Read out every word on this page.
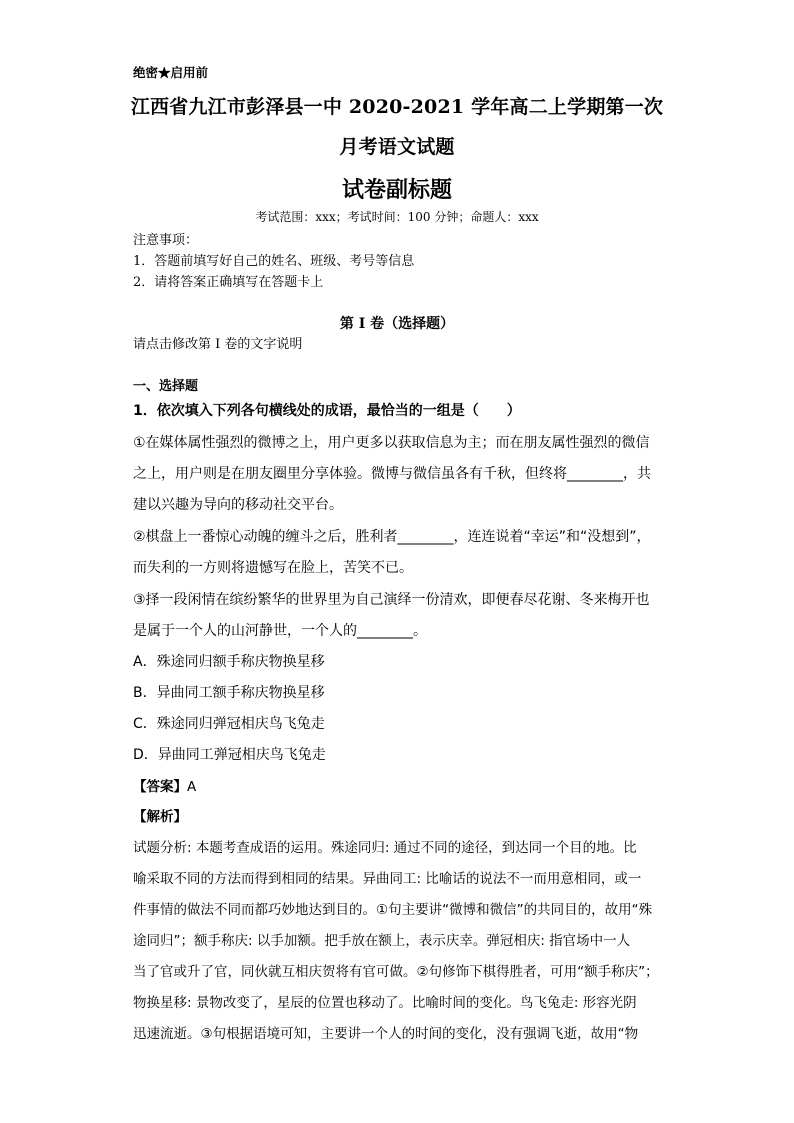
绝密★启用前
江西省九江市彭泽县一中 2020-2021 学年高二上学期第一次
月考语文试题
试卷副标题
考试范围：xxx；考试时间：100 分钟；命题人：xxx
注意事项：
1．答题前填写好自己的姓名、班级、考号等信息
2．请将答案正确填写在答题卡上
第 I 卷（选择题）
请点击修改第 I 卷的文字说明
一、选择题
1．依次填入下列各句横线处的成语，最恰当的一组是（　　）
①在媒体属性强烈的微博之上，用户更多以获取信息为主；而在朋友属性强烈的微信
之上，用户则是在朋友圈里分享体验。微博与微信虽各有千秋，但终将________，共
建以兴趣为导向的移动社交平台。
②棋盘上一番惊心动魄的缠斗之后，胜利者________，连连说着“幸运”和“没想到”，
而失利的一方则将遗憾写在脸上，苦笑不已。
③择一段闲情在缤纷繁华的世界里为自己演绎一份清欢，即便春尽花谢、冬来梅开也
是属于一个人的山河静世，一个人的________。
A．殊途同归额手称庆物换星移
B．异曲同工额手称庆物换星移
C．殊途同归弹冠相庆鸟飞兔走
D．异曲同工弹冠相庆鸟飞兔走
【答案】A
【解析】
试题分析: 本题考查成语的运用。殊途同归: 通过不同的途径，到达同一个目的地。比
喻采取不同的方法而得到相同的结果。异曲同工: 比喻话的说法不一而用意相同，或一
件事情的做法不同而都巧妙地达到目的。①句主要讲“微博和微信”的共同目的，故用“殊
途同归”；额手称庆: 以手加额。把手放在额上，表示庆幸。弹冠相庆: 指官场中一人
当了官或升了官，同伙就互相庆贺将有官可做。②句修饰下棋得胜者，可用“额手称庆”；
物换星移: 景物改变了，星辰的位置也移动了。比喻时间的变化。鸟飞兔走: 形容光阴
迅速流逝。③句根据语境可知，主要讲一个人的时间的变化，没有强调飞逝，故用“物
